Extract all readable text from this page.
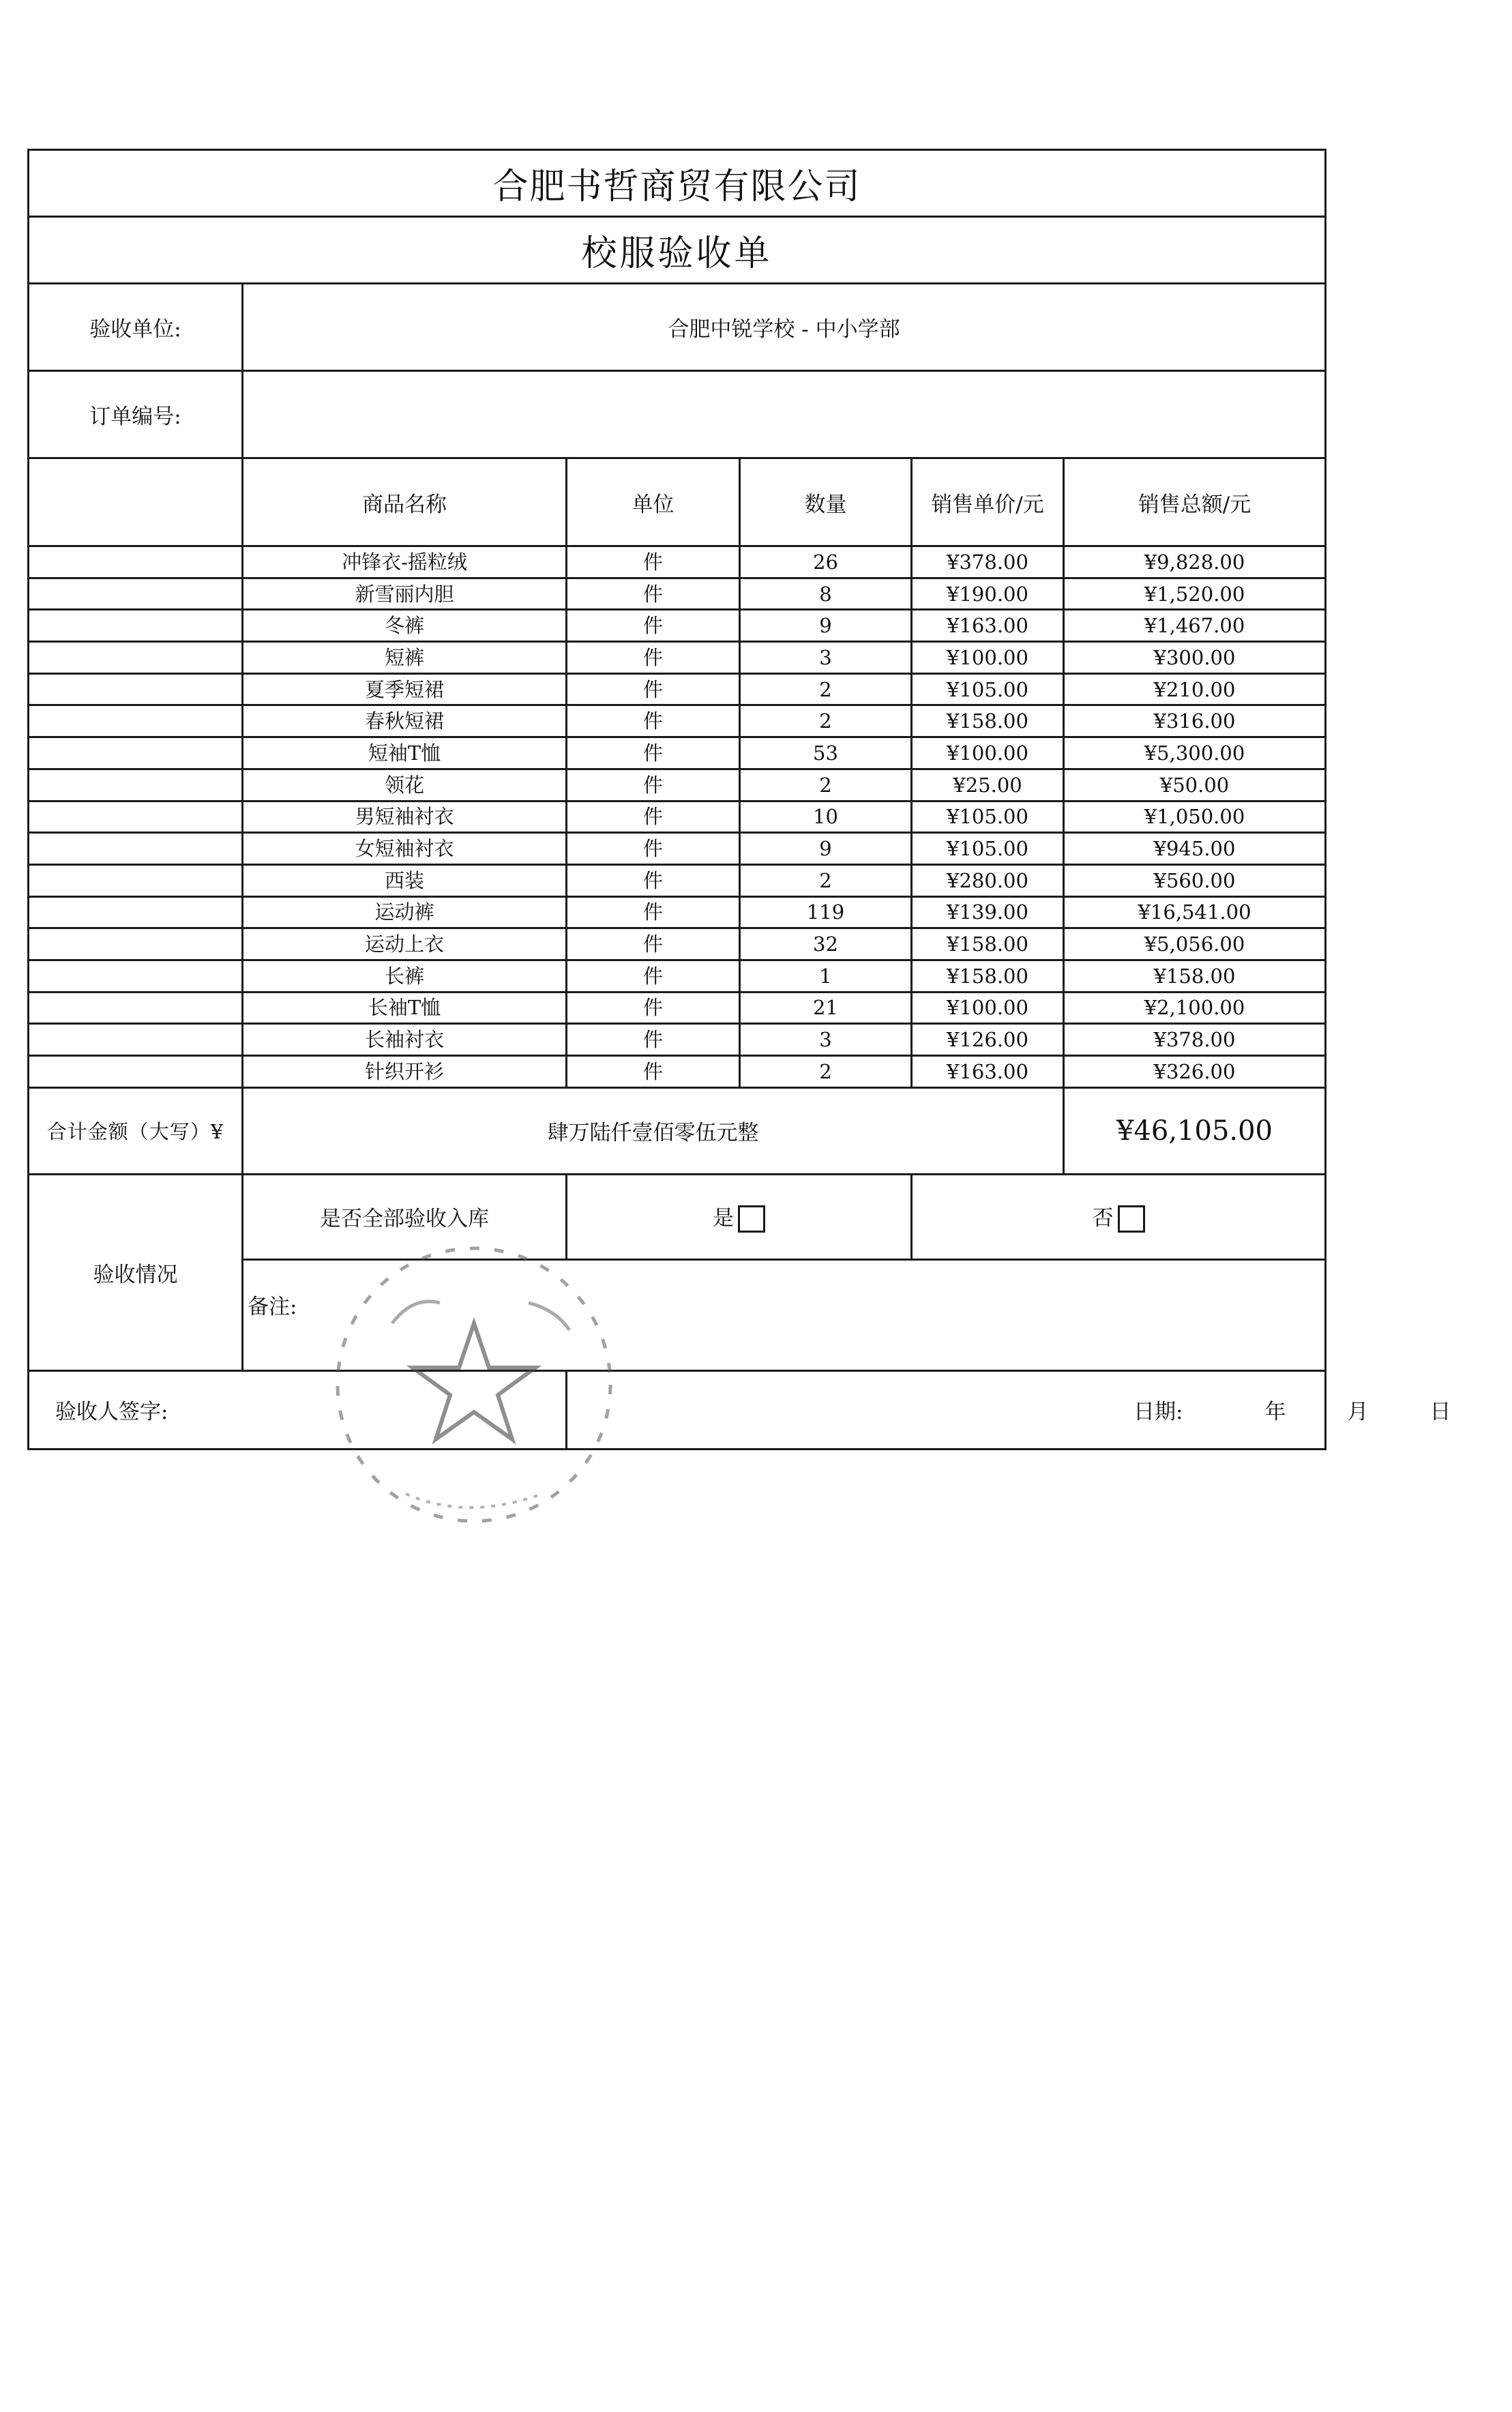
合肥书哲商贸有限公司					
校服验收单					
验收单位:	合肥中锐学校 - 中小学部				
订单编号:					
	商品名称	单位	数量	销售单价/元	销售总额/元
	冲锋衣-摇粒绒	件	26	¥378.00	¥9,828.00
	新雪丽内胆	件	8	¥190.00	¥1,520.00
	冬裤	件	9	¥163.00	¥1,467.00
	短裤	件	3	¥100.00	¥300.00
	夏季短裙	件	2	¥105.00	¥210.00
	春秋短裙	件	2	¥158.00	¥316.00
	短袖T恤	件	53	¥100.00	¥5,300.00
	领花	件	2	¥25.00	¥50.00
	男短袖衬衣	件	10	¥105.00	¥1,050.00
	女短袖衬衣	件	9	¥105.00	¥945.00
	西装	件	2	¥280.00	¥560.00
	运动裤	件	119	¥139.00	¥16,541.00
	运动上衣	件	32	¥158.00	¥5,056.00
	长裤	件	1	¥158.00	¥158.00
	长袖T恤	件	21	¥100.00	¥2,100.00
	长袖衬衣	件	3	¥126.00	¥378.00
	针织开衫	件	2	¥163.00	¥326.00
合计金额（大写）¥	肆万陆仟壹佰零伍元整				¥46,105.00
验收情况	是否全部验收入库	是		否	
	备注:				
验收人签字:		日期: 年 月 日			
